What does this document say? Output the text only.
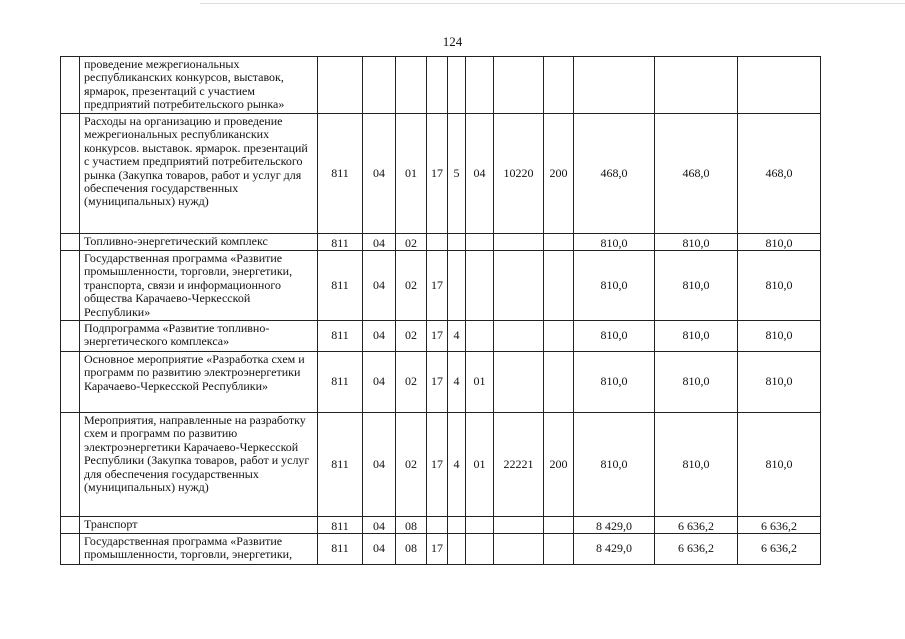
124
	проведение межрегиональных республиканских конкурсов, выставок, ярмарок, презентаций с участием предприятий потребительского рынка»											
	Расходы на организацию и проведение межрегиональных республиканских конкурсов. выставок. ярмарок. презентаций с участием предприятий потребительского рынка (Закупка товаров, работ и услуг для обеспечения государственных (муниципальных) нужд)	811	04	01	17	5	04	10220	200	468,0	468,0	468,0
	Топливно-энергетический комплекс	811	04	02						810,0	810,0	810,0
	Государственная программа «Развитие промышленности, торговли, энергетики, транспорта, связи и информационного общества Карачаево-Черкесской Республики»	811	04	02	17					810,0	810,0	810,0
	Подпрограмма «Развитие топливно-энергетического комплекса»	811	04	02	17	4				810,0	810,0	810,0
	Основное мероприятие «Разработка схем и программ по развитию электроэнергетики Карачаево-Черкесской Республики»	811	04	02	17	4	01			810,0	810,0	810,0
	Мероприятия, направленные на разработку схем и программ по развитию электроэнергетики Карачаево-Черкесской Республики (Закупка товаров, работ и услуг для обеспечения государственных (муниципальных) нужд)	811	04	02	17	4	01	22221	200	810,0	810,0	810,0
	Транспорт	811	04	08						8 429,0	6 636,2	6 636,2
	Государственная программа «Развитие промышленности, торговли, энергетики,	811	04	08	17					8 429,0	6 636,2	6 636,2
